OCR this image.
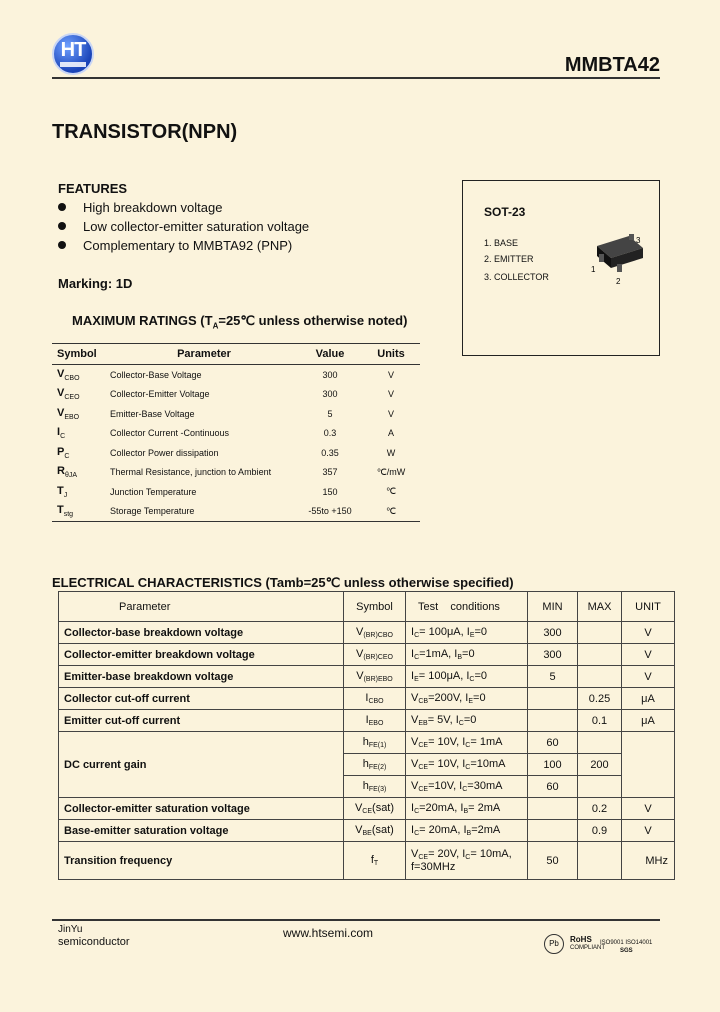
HT
MMBTA42
TRANSISTOR(NPN)
FEATURES
High breakdown voltage
Low collector-emitter saturation voltage
Complementary to MMBTA92 (PNP)
Marking: 1D
MAXIMUM RATINGS ($T_A=25℃$ unless otherwise noted)
Symbol	Parameter	Value	Units
$V_{CBO}$	Collector-Base Voltage	300	V
$V_{CEO}$	Collector-Emitter Voltage	300	V
$V_{EBO}$	Emitter-Base Voltage	5	V
$I_C$	Collector Current -Continuous	0.3	A
$P_C$	Collector Power dissipation	0.35	W
$R_{\theta JA}$	Thermal Resistance, junction to Ambient	357	℃/mW
$T_J$	Junction Temperature	150	℃
$T_{stg}$	Storage Temperature	-55to +150	℃
SOT-23
1. BASE
2. EMITTER
3. COLLECTOR
1
2
3
ELECTRICAL CHARACTERISTICS (Tamb=25℃ unless otherwise specified)
Parameter	Symbol	Test    conditions	MIN	MAX	UNIT
Collector-base breakdown voltage	$V_{(BR)CBO}$	$I_C= 100\mu A$, $I_E=0$	300		V
Collector-emitter breakdown voltage	$V_{(BR)CEO}$	$I_C=1mA$, $I_B=0$	300		V
Emitter-base breakdown voltage	$V_{(BR)EBO}$	$I_E= 100\mu A$, $I_C=0$	5		V
Collector cut-off current	$I_{CBO}$	$V_{CB}=200V$, $I_E=0$		0.25	μA
Emitter cut-off current	$I_{EBO}$	$V_{EB}= 5V$, $I_C=0$		0.1	μA
DC current gain	$h_{FE(1)}$	$V_{CE}= 10V$, $I_C= 1mA$	60		
	$h_{FE(2)}$	$V_{CE}= 10V$, $I_C=10mA$	100	200	
	$h_{FE(3)}$	$V_{CE}=10V$, $I_C=30mA$	60		
Collector-emitter saturation voltage	$V_{CE}(sat)$	$I_C=20mA$, $I_B= 2mA$		0.2	V
Base-emitter saturation voltage	$V_{BE}(sat)$	$I_C= 20mA$, $I_B=2mA$		0.9	V
Transition frequency	$f_T$	$V_{CE}= 20V$, $I_C= 10mA$,
f=30MHz	50		MHz
JinYu
semiconductor
www.htsemi.com
Pb	RoHS
COMPLIANT
ISO9001 ISO14001
SGS
